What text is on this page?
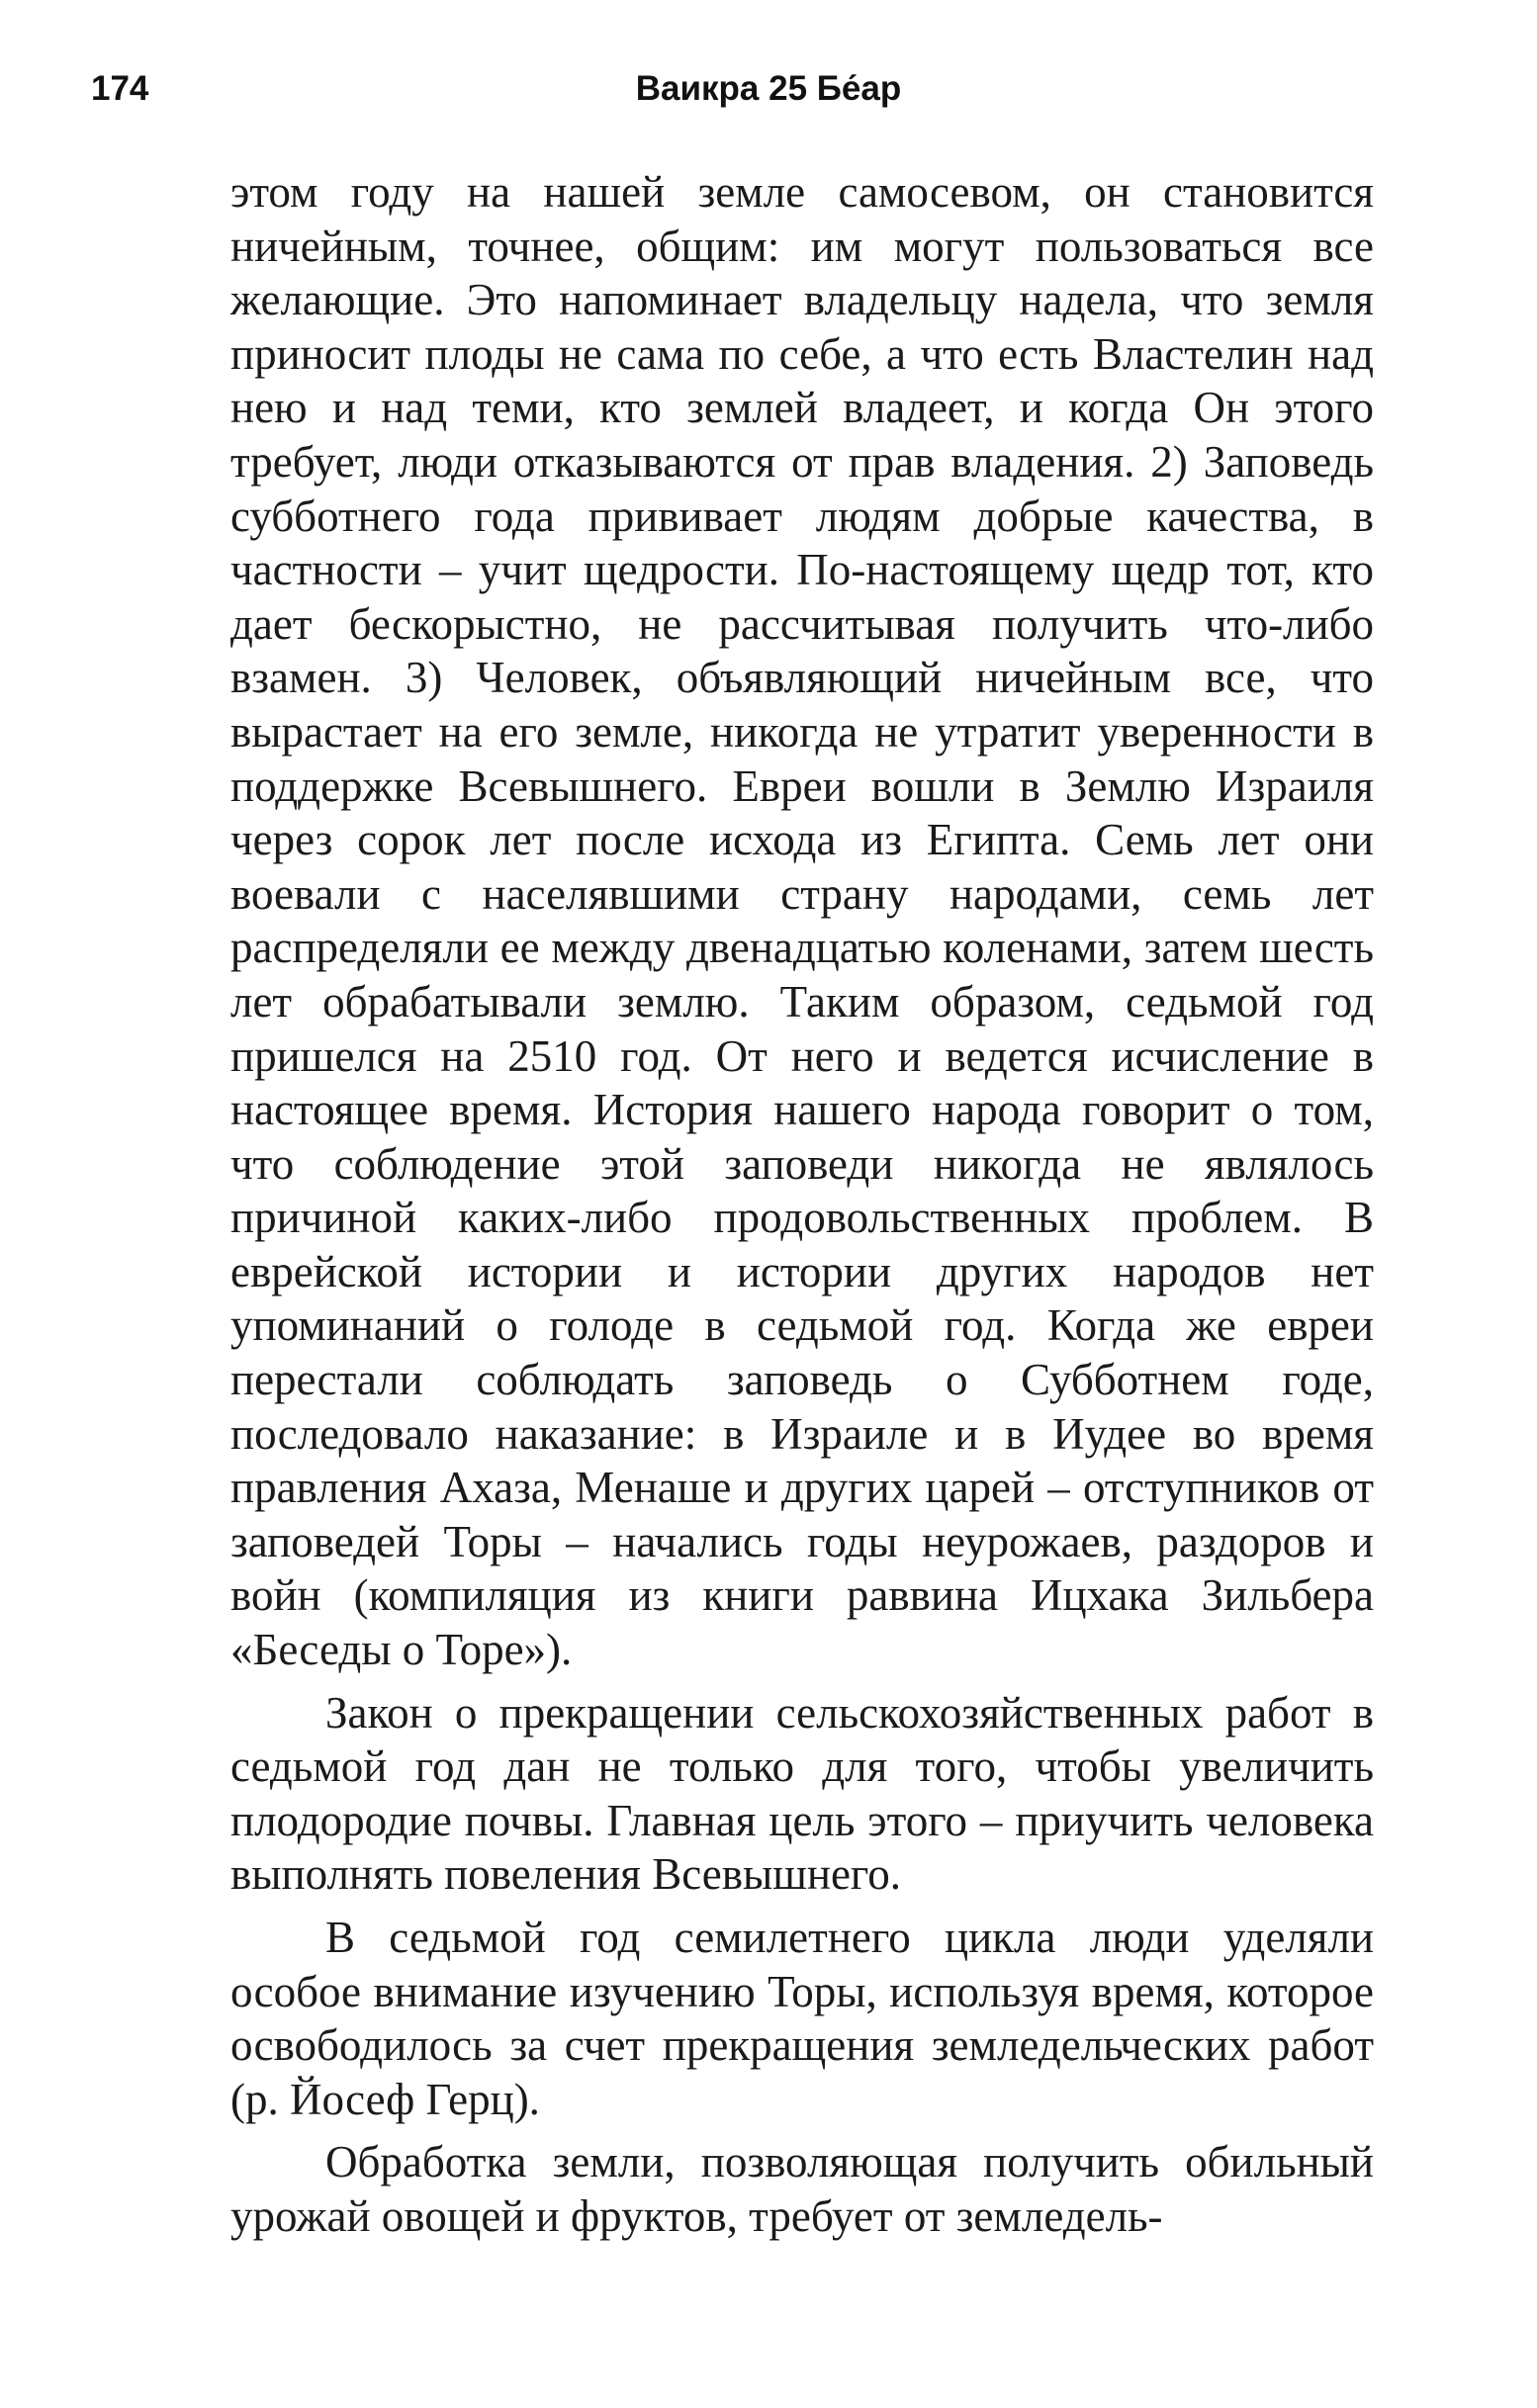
174	Ваикра 25 Бе́ар

этом году на нашей земле самосевом, он становится ничейным, точнее, общим: им могут пользоваться все желающие. Это напоминает владельцу надела, что земля приносит плоды не сама по себе, а что есть Властелин над нею и над теми, кто землей владеет, и когда Он этого требует, люди отказываются от прав владения. 2) Заповедь субботнего года прививает людям добрые качества, в частности – учит щедрости. По-настоящему щедр тот, кто дает бескорыстно, не рассчитывая получить что-либо взамен. 3) Человек, объявляющий ничейным все, что вырастает на его земле, никогда не утратит уверенности в поддержке Всевышнего. Евреи вошли в Землю Израиля через сорок лет после исхода из Египта. Семь лет они воевали с населявшими страну народами, семь лет распределяли ее между двенадцатью коленами, затем шесть лет обрабатывали землю. Таким образом, седьмой год пришелся на 2510 год. От него и ведется исчисление в настоящее время. История нашего народа говорит о том, что соблюдение этой заповеди никогда не являлось причиной каких-либо продовольственных проблем. В еврейской истории и истории других народов нет упоминаний о голоде в седьмой год. Когда же евреи перестали соблюдать заповедь о Субботнем годе, последовало наказание: в Израиле и в Иудее во время правления Ахаза, Менаше и других царей – отступников от заповедей Торы – начались годы неурожаев, раздоров и войн (компиляция из книги раввина Ицхака Зильбера «Беседы о Торе»).

Закон о прекращении сельскохозяйственных работ в седьмой год дан не только для того, чтобы увеличить плодородие почвы. Главная цель этого – приучить человека выполнять повеления Всевышнего.

В седьмой год семилетнего цикла люди уделяли особое внимание изучению Торы, используя время, которое освободилось за счет прекращения земледельческих работ (р. Йосеф Герц).

Обработка земли, позволяющая получить обильный урожай овощей и фруктов, требует от земледель-
